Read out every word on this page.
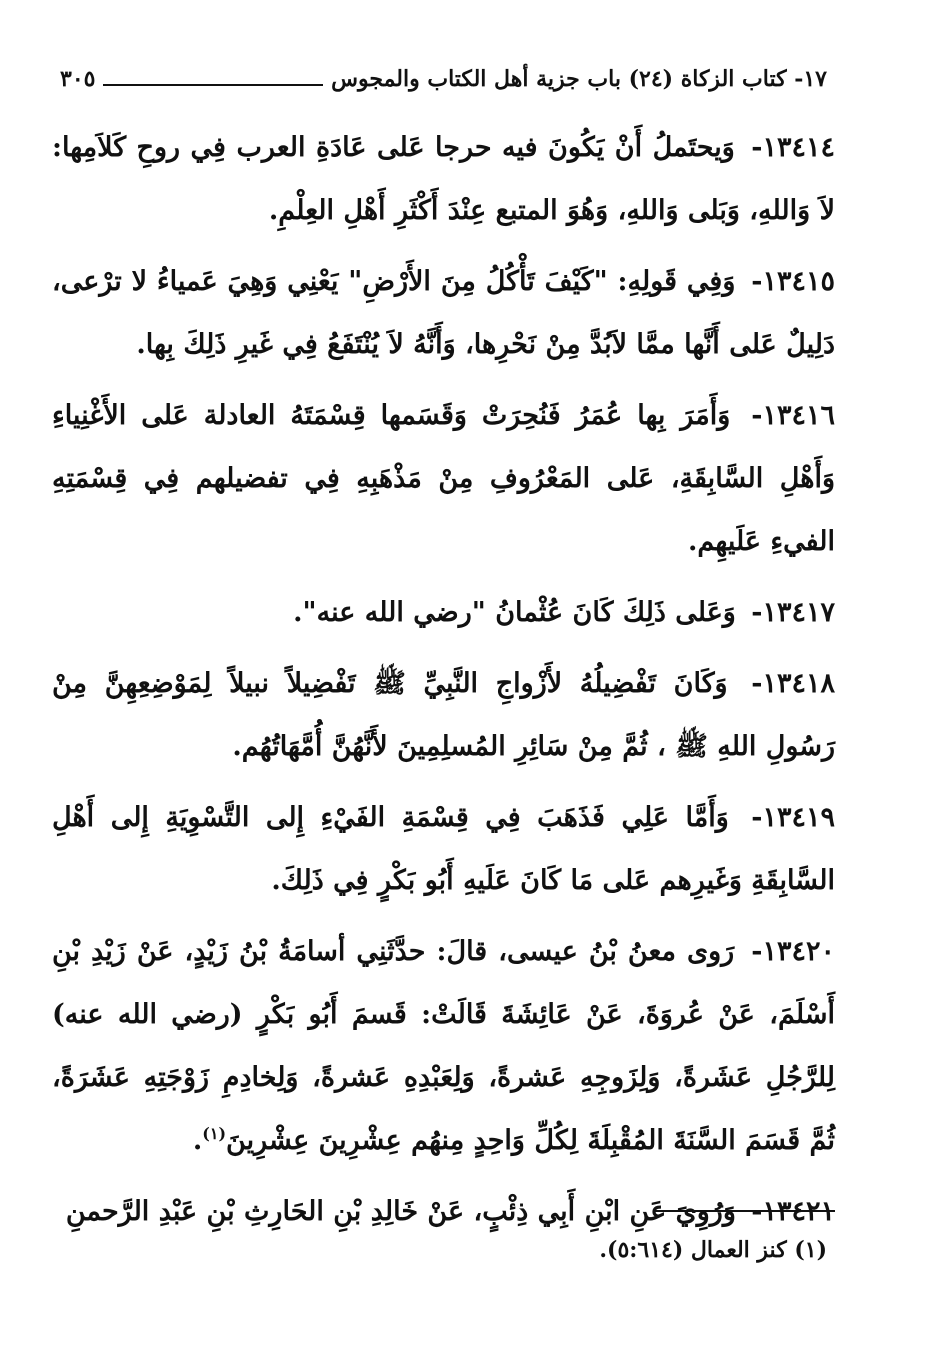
١٧- كتاب الزكاة (٢٤) باب جزية أهل الكتاب والمجوس
٣٠٥

١٣٤١٤- وَيحتَملُ أَنْ يَكُونَ فيه حرجا عَلى عَادَةِ العرب فِي روحِ كَلاَمِها: لاَ وَاللهِ، وَبَلى وَاللهِ، وَهُوَ المتبع عِنْدَ أَكْثَرِ أَهْلِ العِلْمِ.

١٣٤١٥- وَفِي قَولِهِ: "كَيْفَ تَأْكُلُ مِنَ الأَرْضِ" يَعْنِي وَهِيَ عَمياءُ لا ترْعى، دَلِيلٌ عَلى أَنَّها ممَّا لاَبُدَّ مِنْ نَحْرِها، وَأَنَّهُ لاَ يُنْتَفَعُ فِي غَيرِ ذَلِكَ بِها.

١٣٤١٦- وَأَمَرَ بِها عُمَرُ فَنُحِرَتْ وَقَسَمها قِسْمَتَهُ العادلة عَلى الأَغْنِياءِ وَأَهْلِ السَّابِقَةِ، عَلى المَعْرُوفِ مِنْ مَذْهَبِهِ فِي تفضيلهم فِي قِسْمَتِهِ الفيءِ عَلَيهِم.

١٣٤١٧- وَعَلى ذَلِكَ كَانَ عُثْمانُ "رضي الله عنه".

١٣٤١٨- وَكَانَ تَفْضِيلُهُ لأَزْواجِ النَّبِيِّ ﷺ تَفْضِيلاً نبيلاً لِمَوْضِعِهِنَّ مِنْ رَسُولِ اللهِ ﷺ ، ثُمَّ مِنْ سَائِرِ المُسلِمِينَ لأَنَّهُنَّ أُمَّهَاتُهُم.

١٣٤١٩- وَأَمَّا عَلِي فَذَهَبَ فِي قِسْمَةِ الفَيْءِ إِلى التَّسْوِيَةِ إِلى أَهْلِ السَّابِقَةِ وَغَيرِهم عَلى مَا كَانَ عَلَيهِ أَبُو بَكْرٍ فِي ذَلِكَ.

١٣٤٢٠- رَوى معنُ بْنُ عيسى، قالَ: حدَّثَنِي أسامَةُ بْنُ زَيْدٍ، عَنْ زَيْدِ بْنِ أَسْلَمَ، عَنْ عُروَةَ، عَنْ عَائِشَةَ قَالَتْ: قَسمَ أَبُو بَكْرٍ (رضي الله عنه) لِلرَّجُلِ عَشَرةً، وَلِزَوجِهِ عَشرةً، وَلِعَبْدِهِ عَشرةً، وَلِخادِمِ زَوْجَتِهِ عَشَرَةً، ثُمَّ قَسَمَ السَّنَةَ المُقْبِلَةَ لِكُلِّ وَاحِدٍ مِنهُم عِشْرِينَ عِشْرِينَ$^{(١)}$.

١٣٤٢١- وَرُوِيَ عَنِ ابْنِ أَبِي ذِئْبٍ، عَنْ خَالِدِ بْنِ الحَارِثِ بْنِ عَبْدِ الرَّحمنِ

(١) كنز العمال (٥:٦١٤).
